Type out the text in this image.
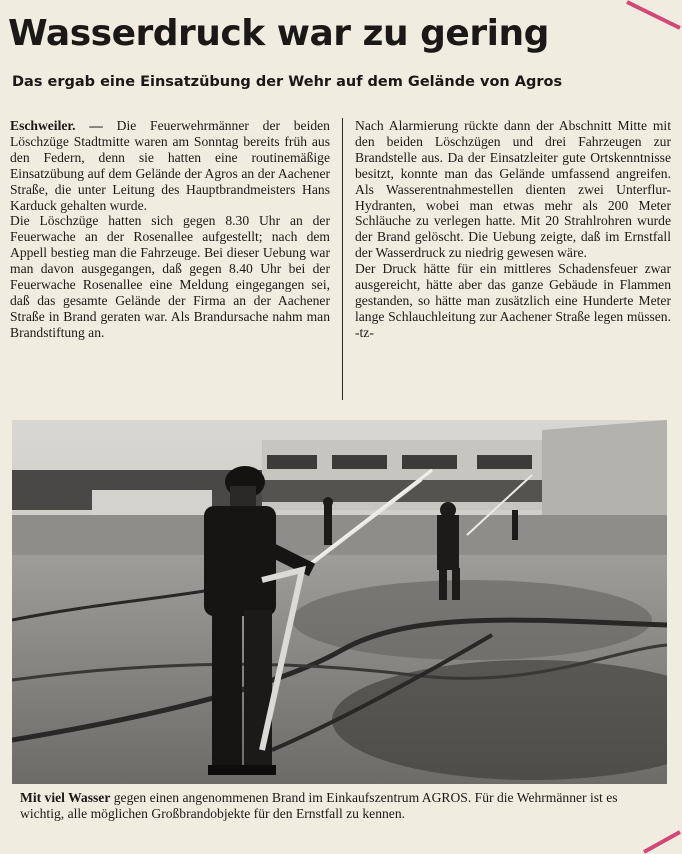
Wasserdruck war zu gering
Das ergab eine Einsatzübung der Wehr auf dem Gelände von Agros

Eschweiler. — Die Feuerwehrmänner der beiden Löschzüge Stadtmitte waren am Sonntag bereits früh aus den Federn, denn sie hatten eine routinemäßige Einsatzübung auf dem Gelände der Agros an der Aachener Straße, die unter Leitung des Hauptbrandmeisters Hans Karduck gehalten wurde.

Die Löschzüge hatten sich gegen 8.30 Uhr an der Feuerwache an der Rosenallee aufgestellt; nach dem Appell bestieg man die Fahrzeuge. Bei dieser Uebung war man davon ausgegangen, daß gegen 8.40 Uhr bei der Feuerwache Rosenallee eine Meldung eingegangen sei, daß das gesamte Gelände der Firma an der Aachener Straße in Brand geraten war. Als Brandursache nahm man Brandstiftung an.

Nach Alarmierung rückte dann der Abschnitt Mitte mit den beiden Löschzügen und drei Fahrzeugen zur Brandstelle aus. Da der Einsatzleiter gute Ortskenntnisse besitzt, konnte man das Gelände umfassend angreifen. Als Wasserentnahmestellen dienten zwei Unterflur-Hydranten, wobei man etwas mehr als 200 Meter Schläuche zu verlegen hatte. Mit 20 Strahlrohren wurde der Brand gelöscht. Die Uebung zeigte, daß im Ernstfall der Wasserdruck zu niedrig gewesen wäre.

Der Druck hätte für ein mittleres Schadensfeuer zwar ausgereicht, hätte aber das ganze Gebäude in Flammen gestanden, so hätte man zusätzlich eine Hunderte Meter lange Schlauchleitung zur Aachener Straße legen müssen. -tz-

Mit viel Wasser gegen einen angenommenen Brand im Einkaufszentrum AGROS. Für die Wehrmänner ist es wichtig, alle möglichen Großbrandobjekte für den Ernstfall zu kennen.
